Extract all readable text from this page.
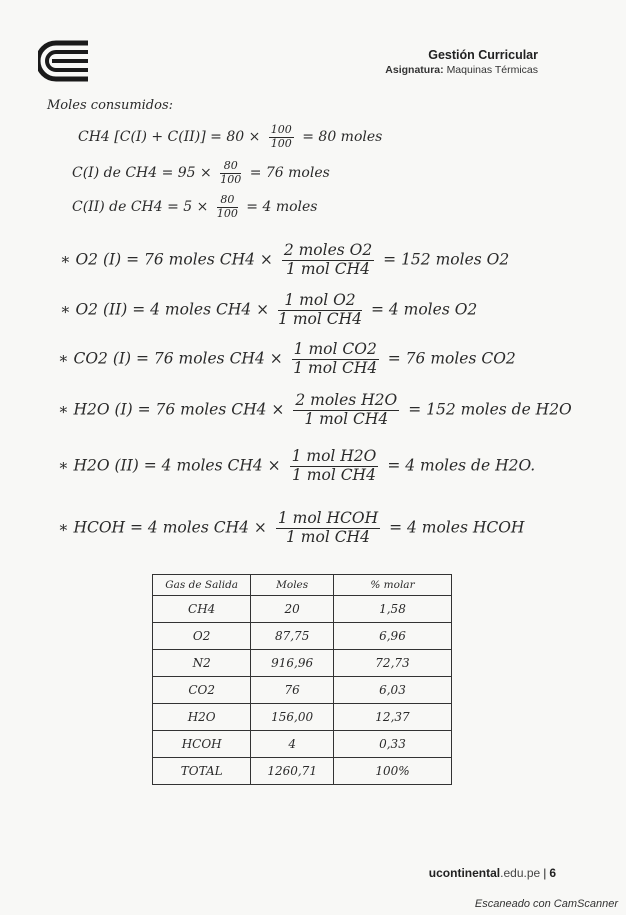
Gestión Curricular
Asignatura: Maquinas Térmicas
Moles consumidos:
CH4 $[C(I) + C(II)] = 80 \times \frac{100}{100} = 80$ moles
C(I) de $CH4 = 95 \times \frac{80}{100} = 76$ moles
C(II) de $CH4 = 5 \times \frac{80}{100} = 4$ moles
∗ O2 (I) = 76 moles $CH4 \times \frac{\text{2 moles O2}}{\text{1 mol CH4}} = 152$ moles O2
∗ O2 (II) = 4 moles $CH4 \times \frac{\text{1 mol O2}}{\text{1 mol CH4}} = 4$ moles O2
∗ CO2 (I) = 76 moles $CH4 \times \frac{\text{1 mol CO2}}{\text{1 mol CH4}} = 76$ moles CO2
∗ H2O (I) = 76 moles $CH4 \times \frac{\text{2 moles H2O}}{\text{1 mol CH4}} = 152$ moles de H2O
∗ H2O (II) = 4 moles $CH4 \times \frac{\text{1 mol H2O}}{\text{1 mol CH4}} = 4$ moles de H2O.
∗ HCOH = 4 moles $CH4 \times \frac{\text{1 mol HCOH}}{\text{1 mol CH4}} = 4$ moles HCOH
Gas de Salida	Moles	% molar
CH4	20	1,58
O2	87,75	6,96
N2	916,96	72,73
CO2	76	6,03
H2O	156,00	12,37
HCOH	4	0,33
TOTAL	1260,71	100%
ucontinental.edu.pe | 6
Escaneado con CamScanner
